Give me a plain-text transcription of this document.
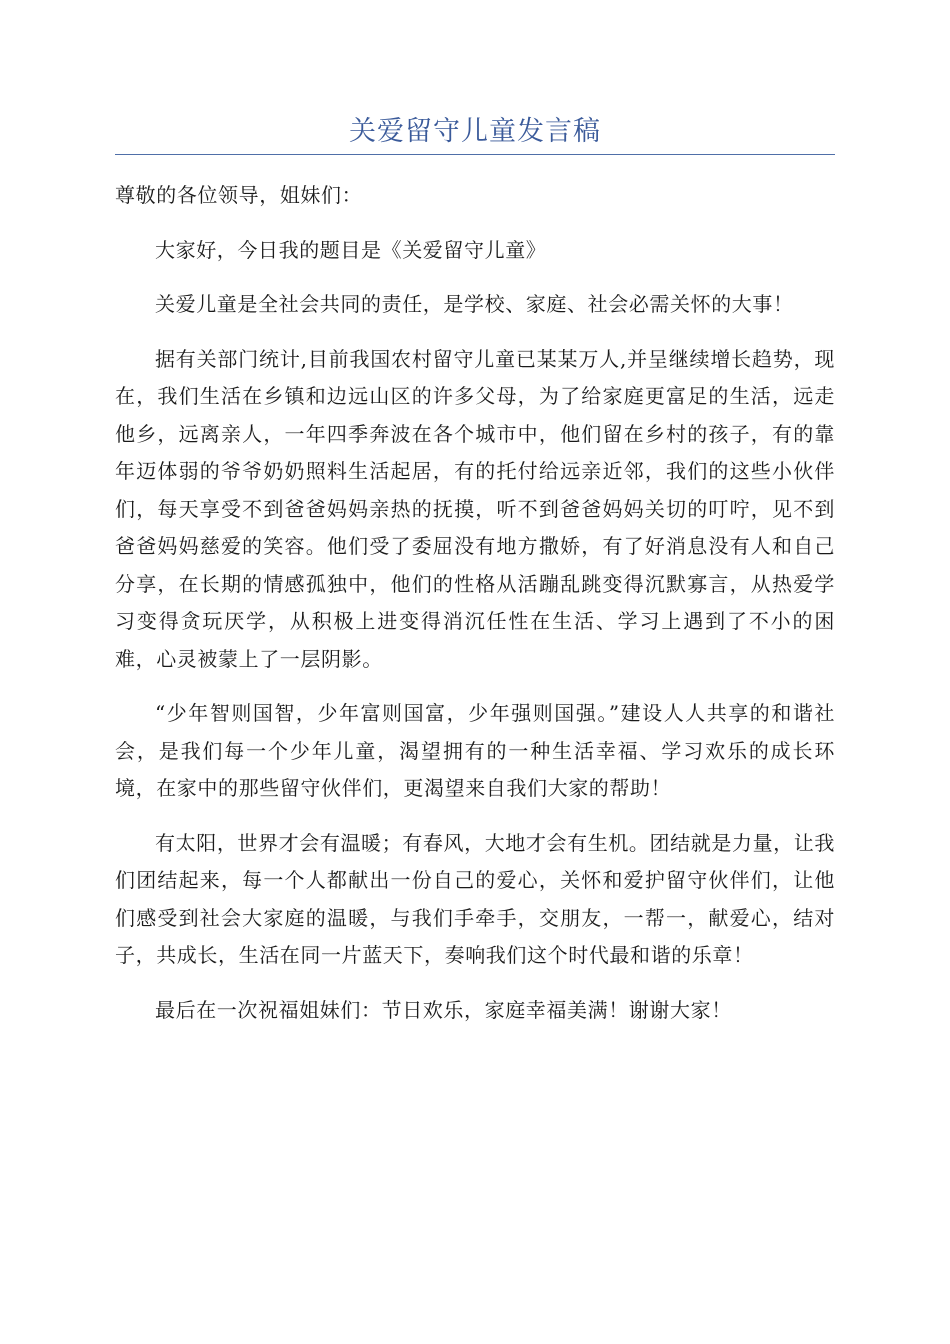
关爱留守儿童发言稿

尊敬的各位领导，姐妹们：

大家好，今日我的题目是《关爱留守儿童》

关爱儿童是全社会共同的责任，是学校、家庭、社会必需关怀的大事！

据有关部门统计,目前我国农村留守儿童已某某万人,并呈继续增长趋势，现在，我们生活在乡镇和边远山区的许多父母，为了给家庭更富足的生活，远走他乡，远离亲人，一年四季奔波在各个城市中，他们留在乡村的孩子，有的靠年迈体弱的爷爷奶奶照料生活起居，有的托付给远亲近邻，我们的这些小伙伴们，每天享受不到爸爸妈妈亲热的抚摸，听不到爸爸妈妈关切的叮咛，见不到爸爸妈妈慈爱的笑容。他们受了委屈没有地方撒娇，有了好消息没有人和自己分享，在长期的情感孤独中，他们的性格从活蹦乱跳变得沉默寡言，从热爱学习变得贪玩厌学，从积极上进变得消沉任性在生活、学习上遇到了不小的困难，心灵被蒙上了一层阴影。

“少年智则国智，少年富则国富，少年强则国强。”建设人人共享的和谐社会，是我们每一个少年儿童，渴望拥有的一种生活幸福、学习欢乐的成长环境，在家中的那些留守伙伴们，更渴望来自我们大家的帮助！

有太阳，世界才会有温暖；有春风，大地才会有生机。团结就是力量，让我们团结起来，每一个人都献出一份自己的爱心，关怀和爱护留守伙伴们，让他们感受到社会大家庭的温暖，与我们手牵手，交朋友，一帮一，献爱心，结对子，共成长，生活在同一片蓝天下，奏响我们这个时代最和谐的乐章！

最后在一次祝福姐妹们：节日欢乐，家庭幸福美满！谢谢大家！
